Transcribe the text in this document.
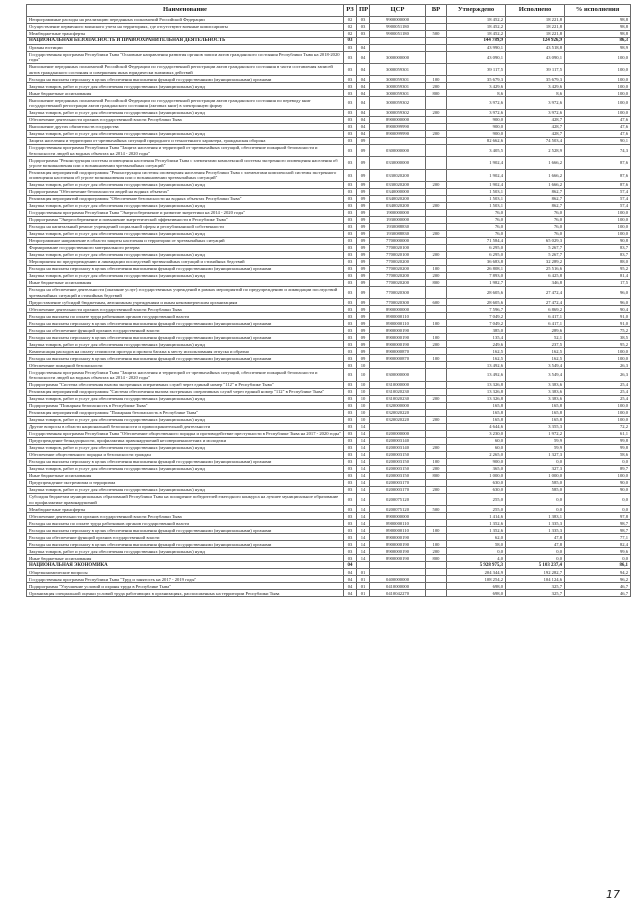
Наименование	РЗ	ПР	ЦСР	ВР	Утверждено	Исполнено	% исполнения
Непрограммные расходы на реализацию переданных полномочий Российской Федерации	02	03	9900000000		18 452,2	18 221,8	98,8
Осуществление первичного воинского учета на территориях, где отсутствуют военные комиссариаты	02	03	9900051180		18 452,2	18 221,8	98,8
Межбюджетные трансферты	02	03	9900051180	500	18 452,2	18 221,8	98,8
НАЦИОНАЛЬНАЯ БЕЗОПАСНОСТЬ И ПРАВООХРАНИТЕЛЬНАЯ ДЕЯТЕЛЬНОСТЬ	03				144 789,9	124 926,9	86,3
Органы юстиции	03	04			43 990,1	43 518,8	98,9
Государственная программа Республики Тыва "Основные направления развития органов записи актов гражданского состояния Республики Тыва на 2018-2020 годы"	03	04	3000000000		43 090,1	43 090,1	100,0
Выполнение переданных полномочий Российской Федерации по государственной регистрации актов гражданского состояния в части составления записей актов гражданского состояния и совершения иных юридически значимых действий	03	04	3000059301		39 117,5	39 117,5	100,0
Расходы на выплаты персоналу в целях обеспечения выполнения функций государственными (муниципальными) органами	03	04	3000059301	100	35 679,3	35 679,3	100,0
Закупка товаров, работ и услуг для обеспечения государственных (муниципальных) нужд	03	04	3000059301	200	3 429,6	3 429,6	100,0
Иные бюджетные ассигнования	03	04	3000059301	800	8,6	8,6	100,0
Выполнение переданных полномочий Российской Федерации по государственной регистрации актов гражданского состояния по переводу книг государственной регистрации актов гражданского состояния (актовых книг) в электронную форму	03	04	3000059302		3 972,6	3 972,6	100,0
Закупка товаров, работ и услуг для обеспечения государственных (муниципальных) нужд	03	04	3000059302	200	3 972,6	3 972,6	100,0
Обеспечение деятельности органов государственной власти Республики Тыва	03	04	8900000000		900,0	428,7	47,6
Выполнение других обязательств государства	03	04	8900099990		900,0	428,7	47,6
Закупка товаров, работ и услуг для обеспечения государственных (муниципальных) нужд	03	04	8900099990	200	900,0	428,7	47,6
Защита населения и территории от чрезвычайных ситуаций природного и техногенного характера, гражданская оборона	03	09			82 662,6	74 503,4	90,1
Государственная программа Республики Тыва "Защита населения и территорий от чрезвычайных ситуаций, обеспечение пожарной безопасности и безопасности людей на водных объектах на 2014 - 2020 годы"	03	09	0300000000		3 405,5	2 528,9	74,3
Подпрограмма "Реконструкция системы оповещения населения Республики Тыва с элементами комплексной системы экстренного оповещения населения об угрозе возникновения или о возникновении чрезвычайных ситуаций"	03	09	0330000000		1 902,4	1 666,2	87,6
Реализация мероприятий подпрограммы "Реконструкция системы оповещения населения Республики Тыва с элементами комплексной системы экстренного оповещения населения об угрозе возникновения или о возникновении чрезвычайных ситуаций"	03	09	0330020200		1 902,4	1 666,2	87,6
Закупка товаров, работ и услуг для обеспечения государственных (муниципальных) нужд	03	09	0330020200	200	1 902,4	1 666,2	87,6
Подпрограмма "Обеспечение безопасности людей на водных объектах"	03	09	0340000000		1 503,1	862,7	57,4
Реализация мероприятий подпрограммы "Обеспечение безопасности на водных объектах Республики Тыва"	03	09	0340020200		1 503,1	862,7	57,4
Закупка товаров, работ и услуг для обеспечения государственных (муниципальных) нужд	03	09	0340020200	200	1 503,1	862,7	57,4
Государственная программа Республики Тыва "Энергосбережение и развитие энергетики на 2014 - 2020 годы"	03	09	1900000000		76,0	76,0	100,0
Подпрограмма "Энергосбережение и повышение энергетической эффективности в Республике Тыва"	03	09	1930000000		76,0	76,0	100,0
Расходы на капитальный ремонт учреждений социальной сферы и республиканской собственности	03	09	1930088830		76,0	76,0	100,0
Закупка товаров, работ и услуг для обеспечения государственных (муниципальных) нужд	03	09	1930088830	200	76,0	76,0	100,0
Непрограммное направление в области защиты населения и территории от чрезвычайных ситуаций	03	09	7700000000		71 584,4	65 029,3	90,8
Формирование государственного материального резерва	03	09	7700020100		6 295,0	5 267,7	83,7
Закупка товаров, работ и услуг для обеспечения государственных (муниципальных) нужд	03	09	7700020100	200	6 295,0	5 267,7	83,7
Мероприятия по предупреждению и ликвидации последствий чрезвычайных ситуаций и стихийных бедствий	03	09	7700020200		36 683,8	32 289,2	88,0
Расходы на выплаты персоналу в целях обеспечения выполнения функций государственными (муниципальными) органами	03	09	7700020200	100	26 808,1	25 516,6	95,2
Закупка товаров, работ и услуг для обеспечения государственных (муниципальных) нужд	03	09	7700020200	200	7 893,0	6 425,8	81,4
Иные бюджетные ассигнования	03	09	7700020200	800	1 982,7	346,8	17,5
Расходы на обеспечение деятельности (оказание услуг) государственных учреждений в рамках мероприятий по предупреждению и ликвидации последствий чрезвычайных ситуаций и стихийных бедствий	03	09	7700020300		28 605,6	27 472,4	96,0
Предоставление субсидий бюджетным, автономным учреждениям и иным некоммерческим организациям	03	09	7700020300	600	28 605,6	27 472,4	96,0
Обеспечение деятельности органов государственной власти Республики Тыва	03	09	8900000000		7 596,7	6 869,2	90,4
Расходы на выплаты по оплате труда работников органов государственной власти	03	09	8900000110		7 049,2	6 417,1	91,0
Расходы на выплаты персоналу в целях обеспечения выполнения функций государственными (муниципальными) органами	03	09	8900000110	100	7 049,2	6 417,1	91,0
Расходы на обеспечение функций органов государственной власти	03	09	8900000190		385,0	289,6	75,2
Расходы на выплаты персоналу в целях обеспечения выполнения функций государственными (муниципальными) органами	03	09	8900000190	100	135,4	52,1	38,5
Закупка товаров, работ и услуг для обеспечения государственных (муниципальных) нужд	03	09	8900000190	200	249,6	237,5	95,2
Компенсация расходов на оплату стоимости проезда и провоза багажа к месту использования отпуска и обратно	03	09	8900000870		162,5	162,5	100,0
Расходы на выплаты персоналу в целях обеспечения выполнения функций государственными (муниципальными) органами	03	09	8900000870	100	162,5	162,5	100,0
Обеспечение пожарной безопасности	03	10			13 492,6	3 549,4	26,3
Государственная программа Республики Тыва "Защита населения и территорий от чрезвычайных ситуаций, обеспечение пожарной безопасности и безопасности людей на водных объектах на 2014 - 2020 годы"	03	10	0300000000		13 492,6	3 549,4	26,3
Подпрограмма "Система обеспечения вызова экстренных оперативных служб через единый номер "112" в Республике Тыва"	03	10	0310000000		13 326,8	3 383,6	25,4
Реализация мероприятий подпрограммы "Система обеспечения вызова экстренных оперативных служб через единый номер "112" в Республике Тыва"	03	10	0310020230		13 326,8	3 383,6	25,4
Закупка товаров, работ и услуг для обеспечения государственных (муниципальных) нужд	03	10	0310020230	200	13 326,8	3 383,6	25,4
Подпрограмма "Пожарная безопасность в Республике Тыва"	03	10	0320000000		165,8	165,8	100,0
Реализация мероприятий подпрограммы "Пожарная безопасность в Республике Тыва"	03	10	0320020220		165,8	165,8	100,0
Закупка товаров, работ и услуг для обеспечения государственных (муниципальных) нужд	03	10	0320020220	200	165,8	165,8	100,0
Другие вопросы в области национальной безопасности и правоохранительной деятельности	03	14			4 644,6	3 355,3	72,2
Государственная программа Республики Тыва "Обеспечение общественного порядка и противодействие преступности в Республике Тыва на 2017 - 2020 годы"	03	14	0200000000		3 230,0	1 972,2	61,1
Предупреждение безнадзорности, профилактика правонарушений несовершеннолетних и молодежи	03	14	0200003140		60,0	59,9	99,8
Закупка товаров, работ и услуг для обеспечения государственных (муниципальных) нужд	03	14	0200003140	200	60,0	59,9	99,8
Обеспечение общественного порядка и безопасности граждан	03	14	0200003150		2 265,0	1 327,3	58,6
Расходы на выплаты персоналу в целях обеспечения выполнения функций государственными (муниципальными) органами	03	14	0200003150	100	900,0	0,0	0,0
Закупка товаров, работ и услуг для обеспечения государственных (муниципальных) нужд	03	14	0200003150	200	365,0	327,3	89,7
Иные бюджетные ассигнования	03	14	0200003150	800	1 000,0	1 000,0	100,0
Предупреждение экстремизма и терроризма	03	14	0200003170		630,0	585,0	90,0
Закупка товаров, работ и услуг для обеспечения государственных (муниципальных) нужд	03	14	0200003170	200	630,0	585,0	90,0
Субсидия бюджетам муниципальных образований Республики Тыва на поощрение победителей ежегодного конкурса на лучшее муниципальное образование по профилактике правонарушений	03	14	0200075120		255,0	0,0	0,0
Межбюджетные трансферты	03	14	0200075120	500	255,0	0,0	0,0
Обеспечение деятельности органов государственной власти Республики Тыва	03	14	8900000000		1 414,6	1 383,1	97,8
Расходы на выплаты по оплате труда работников органов государственной власти	03	14	8900000110		1 352,6	1 335,3	98,7
Расходы на выплаты персоналу в целях обеспечения выполнения функций государственными (муниципальными) органами	03	14	8900000110	100	1 352,6	1 335,3	98,7
Расходы на обеспечение функций органов государственной власти	03	14	8900000190		62,0	47,8	77,1
Расходы на выплаты персоналу в целях обеспечения выполнения функций государственными (муниципальными) органами	03	14	8900000190	100	58,0	47,8	82,4
Закупка товаров, работ и услуг для обеспечения государственных (муниципальных) нужд	03	14	8900000190	200	0,0	0,0	99,6
Иные бюджетные ассигнования	03	14	8900000190	800	4,0	0,0	0,0
НАЦИОНАЛЬНАЯ ЭКОНОМИКА	04				5 928 975,3	5 103 237,4	86,1
Общеэкономические вопросы	04	01			204 344,9	192 282,7	94,2
Государственная программа Республики Тыва "Труд и занятость на 2017 - 2019 годы"	04	01	0400000000		108 254,2	104 124,6	96,2
Подпрограмма "Улучшение условий и охраны труда в Республике Тыва"	04	01	0410000000		698,0	325,7	46,7
Организация специальной оценки условий труда работающих в организациях, расположенных на территории Республики Тыва	04	01	0410042270		698,0	325,7	46,7
17
